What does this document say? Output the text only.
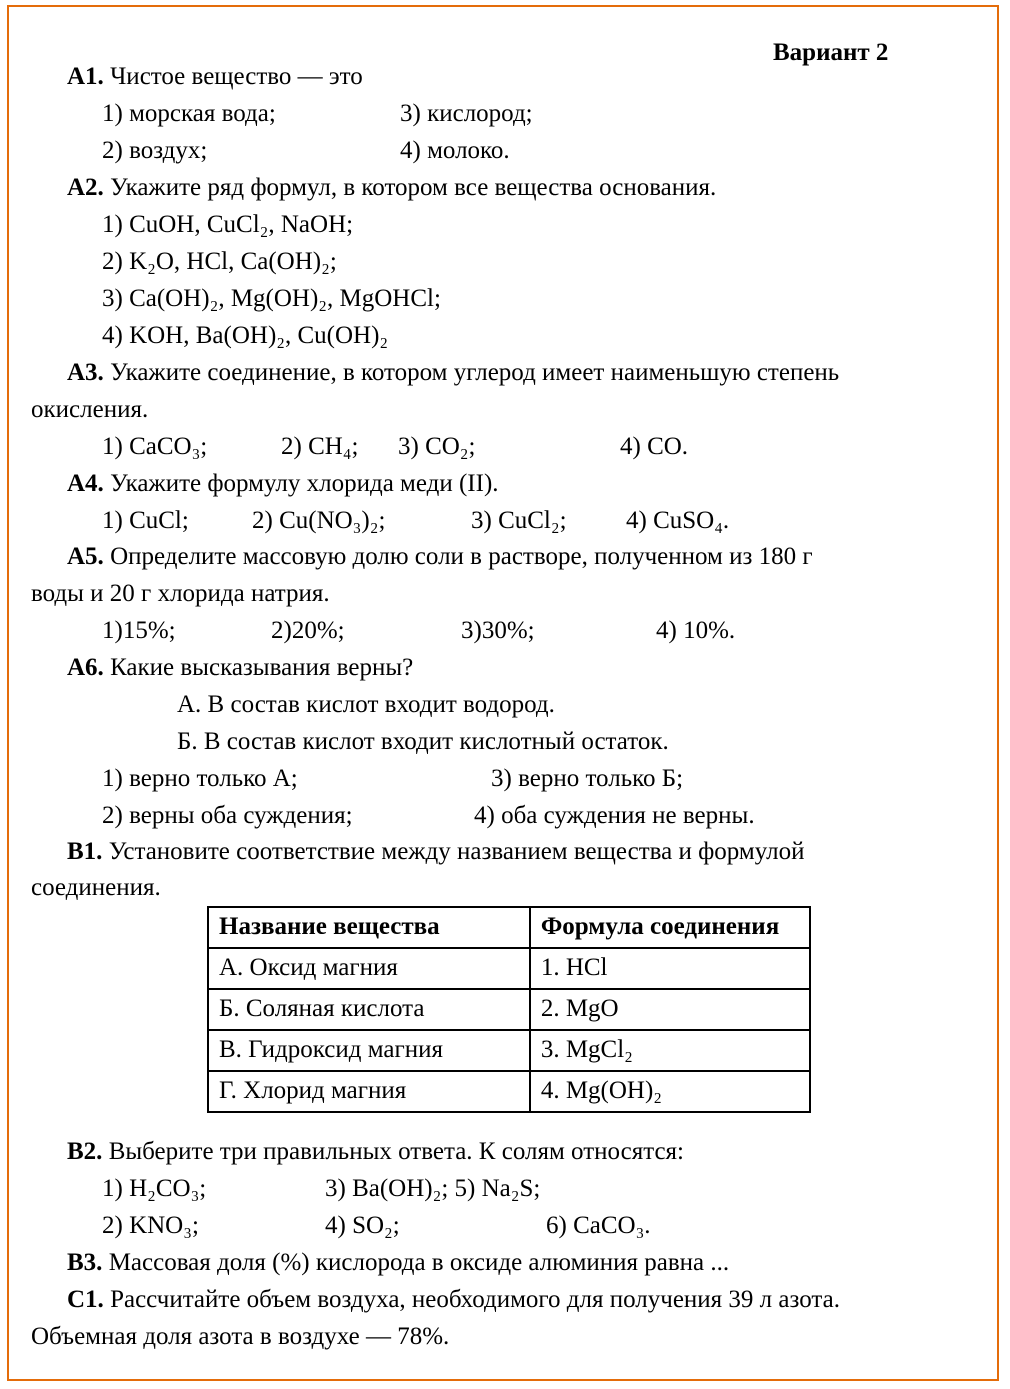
Вариант 2
А1. Чистое вещество — это
1) морская вода;	3) кислород;
2) воздух;	4) молоко.
А2. Укажите ряд формул, в котором все вещества основания.
1) CuOH, CuCl₂, NaOH;
2) K₂O, HCl, Ca(OH)₂;
3) Ca(OH)₂, Mg(OH)₂, MgOHCl;
4) KOH, Ba(OH)₂, Cu(OH)₂
А3. Укажите соединение, в котором углерод имеет наименьшую степень
окисления.
1) CaCO₃;	2) CH₄; 3) CO₂;	4) CO.
А4. Укажите формулу хлорида меди (II).
1) CuCl;	2) Cu(NO₃)₂;	3) CuCl₂; 4) CuSO₄.
А5. Определите массовую долю соли в растворе, полученном из 180 г
воды и 20 г хлорида натрия.
1)15%;	2)20%;	3)30%;	4) 10%.
А6. Какие высказывания верны?
А. В состав кислот входит водород.
Б. В состав кислот входит кислотный остаток.
1) верно только А;	3) верно только Б;
2) верны оба суждения;	4) оба суждения не верны.
В1. Установите соответствие между названием вещества и формулой
соединения.
Название вещества	Формула соединения
А. Оксид магния	1. HCl
Б. Соляная кислота	2. MgO
В. Гидроксид магния	3. MgCl₂
Г. Хлорид магния	4. Mg(OH)₂
В2. Выберите три правильных ответа. К солям относятся:
1) H₂CO₃;	3) Ba(OH)₂; 5) Na₂S;
2) KNO₃;	4) SO₂;	6) CaCO₃.
В3. Массовая доля (%) кислорода в оксиде алюминия равна ...
С1. Рассчитайте объем воздуха, необходимого для получения 39 л азота.
Объемная доля азота в воздухе — 78%.
